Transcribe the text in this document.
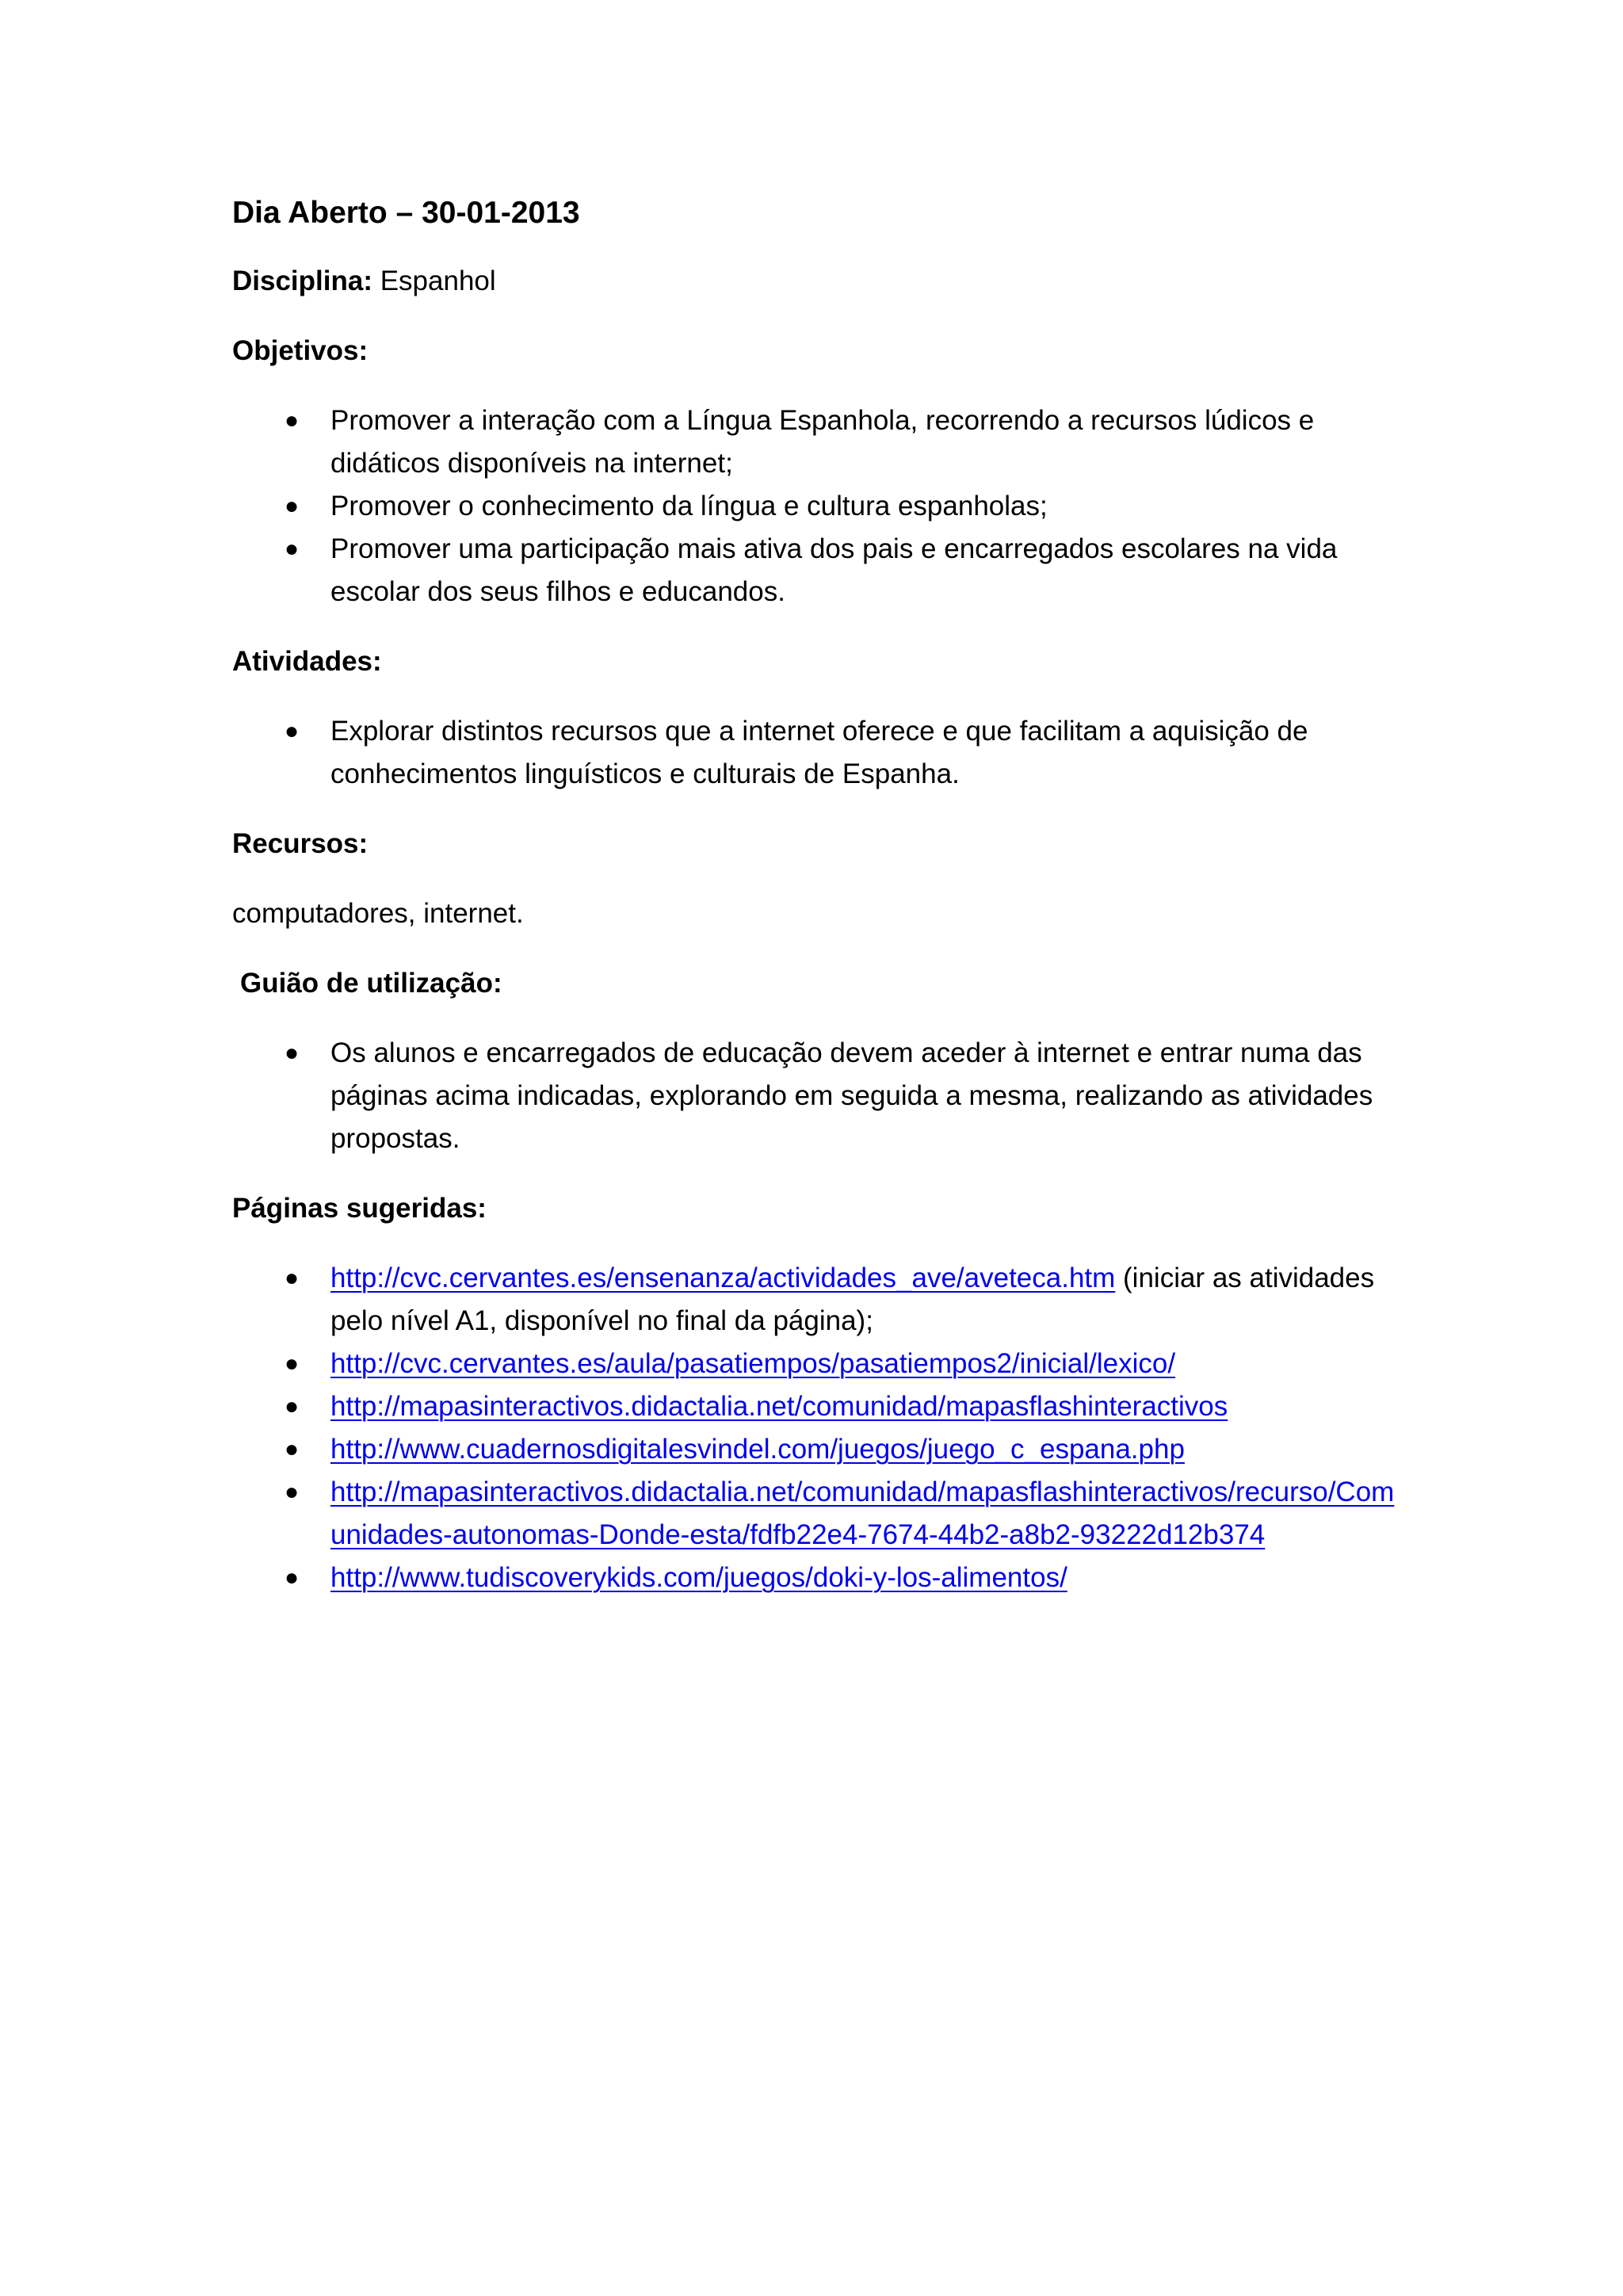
Dia Aberto – 30-01-2013
Disciplina: Espanhol
Objetivos:
● Promover a interação com a Língua Espanhola, recorrendo a recursos lúdicos e didáticos disponíveis na internet;
● Promover o conhecimento da língua e cultura espanholas;
● Promover uma participação mais ativa dos pais e encarregados escolares na vida escolar dos seus filhos e educandos.
Atividades:
● Explorar distintos recursos que a internet oferece e que facilitam a aquisição de conhecimentos linguísticos e culturais de Espanha.
Recursos:
computadores, internet.
Guião de utilização:
● Os alunos e encarregados de educação devem aceder à internet e entrar numa das páginas acima indicadas, explorando em seguida a mesma, realizando as atividades propostas.
Páginas sugeridas:
● http://cvc.cervantes.es/ensenanza/actividades_ave/aveteca.htm (iniciar as atividades pelo nível A1, disponível no final da página);
● http://cvc.cervantes.es/aula/pasatiempos/pasatiempos2/inicial/lexico/
● http://mapasinteractivos.didactalia.net/comunidad/mapasflashinteractivos
● http://www.cuadernosdigitalesvindel.com/juegos/juego_c_espana.php
● http://mapasinteractivos.didactalia.net/comunidad/mapasflashinteractivos/recurso/Comunidades-autonomas-Donde-esta/fdfb22e4-7674-44b2-a8b2-93222d12b374
● http://www.tudiscoverykids.com/juegos/doki-y-los-alimentos/
